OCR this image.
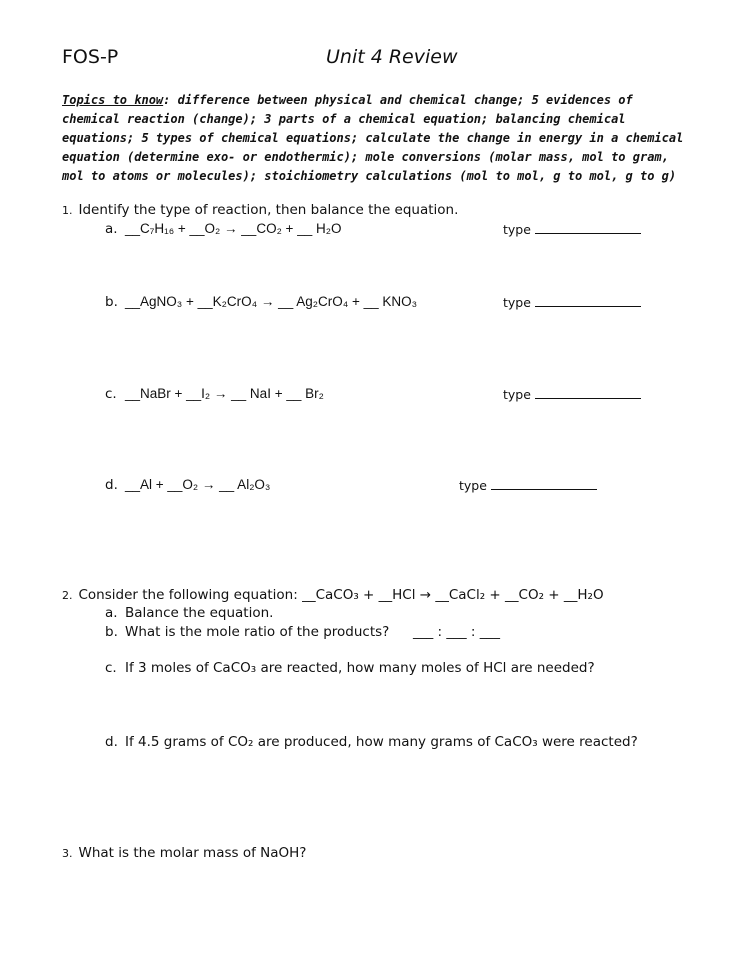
FOS-P	Unit 4 Review
Topics to know: difference between physical and chemical change; 5 evidences of chemical reaction (change); 3 parts of a chemical equation; balancing chemical equations; 5 types of chemical equations; calculate the change in energy in a chemical equation (determine exo- or endothermic); mole conversions (molar mass, mol to gram, mol to atoms or molecules); stoichiometry calculations (mol to mol, g to mol, g to g)
1. Identify the type of reaction, then balance the equation.
a. __C₇H₁₆ + __O₂ → __CO₂ + __ H₂O	type
b. __AgNO₃ + __K₂CrO₄ → __ Ag₂CrO₄ + __ KNO₃	type
c. __NaBr + __I₂ → __ NaI + __ Br₂	type
d. __Al + __O₂ → __ Al₂O₃	type
2. Consider the following equation: __CaCO₃ + __HCl → __CaCl₂ + __CO₂ + __H₂O
a. Balance the equation.
b. What is the mole ratio of the products? ___ : ___ : ___
c. If 3 moles of CaCO₃ are reacted, how many moles of HCl are needed?
d. If 4.5 grams of CO₂ are produced, how many grams of CaCO₃ were reacted?
3. What is the molar mass of NaOH?
